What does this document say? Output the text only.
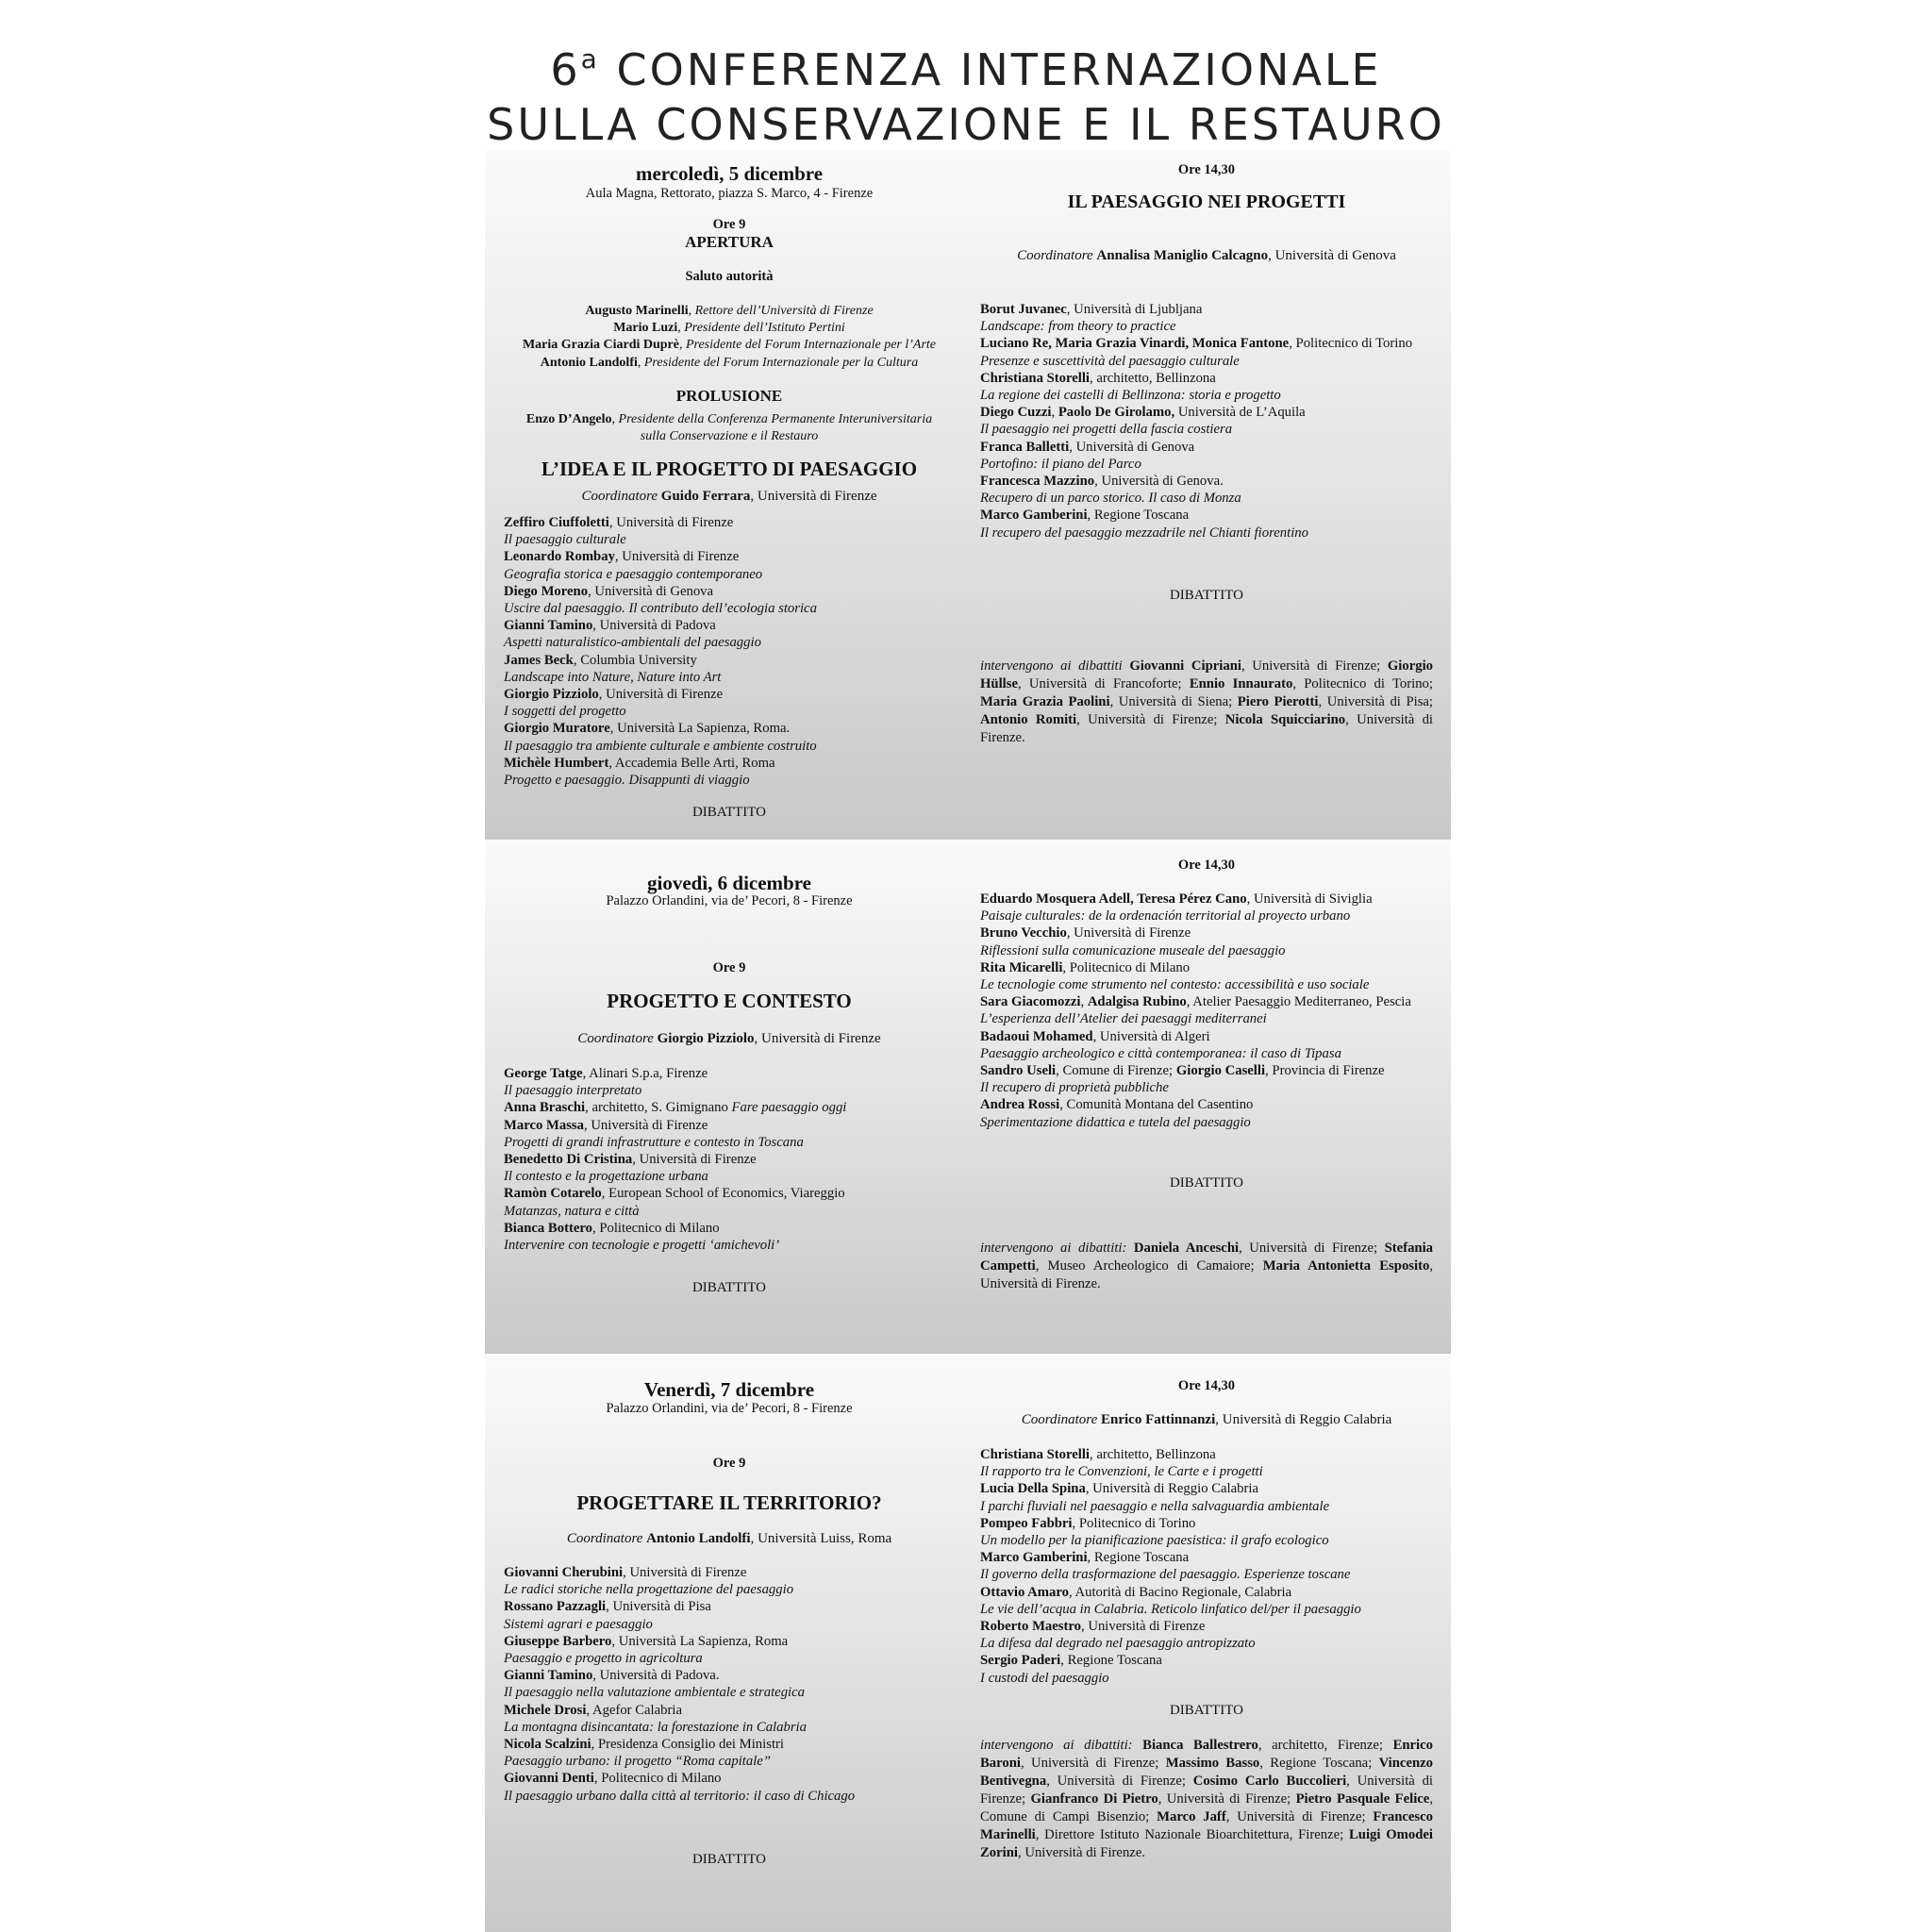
6$^a$ CONFERENZA INTERNAZIONALE
SULLA CONSERVAZIONE E IL RESTAURO
mercoledì, 5 dicembre
Aula Magna, Rettorato, piazza S. Marco, 4 - Firenze
Ore 9
APERTURA
Saluto autorità
Augusto Marinelli, Rettore dell’Università di Firenze
Mario Luzi, Presidente dell’Istituto Pertini
Maria Grazia Ciardi Duprè, Presidente del Forum Internazionale per l’Arte
Antonio Landolfi, Presidente del Forum Internazionale per la Cultura
PROLUSIONE
Enzo D’Angelo, Presidente della Conferenza Permanente Interuniversitaria
sulla Conservazione e il Restauro
L’IDEA E IL PROGETTO DI PAESAGGIO
Coordinatore Guido Ferrara, Università di Firenze
Zeffiro Ciuffoletti, Università di Firenze
Il paesaggio culturale
Leonardo Rombay, Università di Firenze
Geografia storica e paesaggio contemporaneo
Diego Moreno, Università di Genova
Uscire dal paesaggio. Il contributo dell’ecologia storica
Gianni Tamino, Università di Padova
Aspetti naturalistico-ambientali del paesaggio
James Beck, Columbia University
Landscape into Nature, Nature into Art
Giorgio Pizziolo, Università di Firenze
I soggetti del progetto
Giorgio Muratore, Università La Sapienza, Roma.
Il paesaggio tra ambiente culturale e ambiente costruito
Michèle Humbert, Accademia Belle Arti, Roma
Progetto e paesaggio. Disappunti di viaggio
DIBATTITO
Ore 14,30
IL PAESAGGIO NEI PROGETTI
Coordinatore Annalisa Maniglio Calcagno, Università di Genova
Borut Juvanec, Università di Ljubljana
Landscape: from theory to practice
Luciano Re, Maria Grazia Vinardi, Monica Fantone, Politecnico di Torino
Presenze e suscettività del paesaggio culturale
Christiana Storelli, architetto, Bellinzona
La regione dei castelli di Bellinzona: storia e progetto
Diego Cuzzi, Paolo De Girolamo, Università de L’Aquila
Il paesaggio nei progetti della fascia costiera
Franca Balletti, Università di Genova
Portofino: il piano del Parco
Francesca Mazzino, Università di Genova.
Recupero di un parco storico. Il caso di Monza
Marco Gamberini, Regione Toscana
Il recupero del paesaggio mezzadrile nel Chianti fiorentino
DIBATTITO
intervengono ai dibattiti Giovanni Cipriani, Università di Firenze; Giorgio Hüllse, Università di Francoforte; Ennio Innaurato, Politecnico di Torino; Maria Grazia Paolini, Università di Siena; Piero Pierotti, Università di Pisa; Antonio Romiti, Università di Firenze; Nicola Squicciarino, Università di Firenze.
giovedì, 6 dicembre
Palazzo Orlandini, via de’ Pecori, 8 - Firenze
Ore 9
PROGETTO E CONTESTO
Coordinatore Giorgio Pizziolo, Università di Firenze
George Tatge, Alinari S.p.a, Firenze
Il paesaggio interpretato
Anna Braschi, architetto, S. Gimignano Fare paesaggio oggi
Marco Massa, Università di Firenze
Progetti di grandi infrastrutture e contesto in Toscana
Benedetto Di Cristina, Università di Firenze
Il contesto e la progettazione urbana
Ramòn Cotarelo, European School of Economics, Viareggio
Matanzas, natura e città
Bianca Bottero, Politecnico di Milano
Intervenire con tecnologie e progetti ‘amichevoli’
DIBATTITO
Ore 14,30
Eduardo Mosquera Adell, Teresa Pérez Cano, Università di Siviglia
Paisaje culturales: de la ordenación territorial al proyecto urbano
Bruno Vecchio, Università di Firenze
Riflessioni sulla comunicazione museale del paesaggio
Rita Micarelli, Politecnico di Milano
Le tecnologie come strumento nel contesto: accessibilità e uso sociale
Sara Giacomozzi, Adalgisa Rubino, Atelier Paesaggio Mediterraneo, Pescia
L’esperienza dell’Atelier dei paesaggi mediterranei
Badaoui Mohamed, Università di Algeri
Paesaggio archeologico e città contemporanea: il caso di Tipasa
Sandro Useli, Comune di Firenze; Giorgio Caselli, Provincia di Firenze
Il recupero di proprietà pubbliche
Andrea Rossi, Comunità Montana del Casentino
Sperimentazione didattica e tutela del paesaggio
DIBATTITO
intervengono ai dibattiti: Daniela Anceschi, Università di Firenze; Stefania Campetti, Museo Archeologico di Camaiore; Maria Antonietta Esposito, Università di Firenze.
Venerdì, 7 dicembre
Palazzo Orlandini, via de’ Pecori, 8 - Firenze
Ore 9
PROGETTARE IL TERRITORIO?
Coordinatore Antonio Landolfi, Università Luiss, Roma
Giovanni Cherubini, Università di Firenze
Le radici storiche nella progettazione del paesaggio
Rossano Pazzagli, Università di Pisa
Sistemi agrari e paesaggio
Giuseppe Barbero, Università La Sapienza, Roma
Paesaggio e progetto in agricoltura
Gianni Tamino, Università di Padova.
Il paesaggio nella valutazione ambientale e strategica
Michele Drosi, Agefor Calabria
La montagna disincantata: la forestazione in Calabria
Nicola Scalzini, Presidenza Consiglio dei Ministri
Paesaggio urbano: il progetto “Roma capitale”
Giovanni Denti, Politecnico di Milano
Il paesaggio urbano dalla città al territorio: il caso di Chicago
DIBATTITO
Ore 14,30
Coordinatore Enrico Fattinnanzi, Università di Reggio Calabria
Christiana Storelli, architetto, Bellinzona
Il rapporto tra le Convenzioni, le Carte e i progetti
Lucia Della Spina, Università di Reggio Calabria
I parchi fluviali nel paesaggio e nella salvaguardia ambientale
Pompeo Fabbri, Politecnico di Torino
Un modello per la pianificazione paesistica: il grafo ecologico
Marco Gamberini, Regione Toscana
Il governo della trasformazione del paesaggio. Esperienze toscane
Ottavio Amaro, Autorità di Bacino Regionale, Calabria
Le vie dell’acqua in Calabria. Reticolo linfatico del/per il paesaggio
Roberto Maestro, Università di Firenze
La difesa dal degrado nel paesaggio antropizzato
Sergio Paderi, Regione Toscana
I custodi del paesaggio
DIBATTITO
intervengono ai dibattiti: Bianca Ballestrero, architetto, Firenze; Enrico Baroni, Università di Firenze; Massimo Basso, Regione Toscana; Vincenzo Bentivegna, Università di Firenze; Cosimo Carlo Buccolieri, Università di Firenze; Gianfranco Di Pietro, Università di Firenze; Pietro Pasquale Felice, Comune di Campi Bisenzio; Marco Jaff, Università di Firenze; Francesco Marinelli, Direttore Istituto Nazionale Bioarchitettura, Firenze; Luigi Omodei Zorini, Università di Firenze.
